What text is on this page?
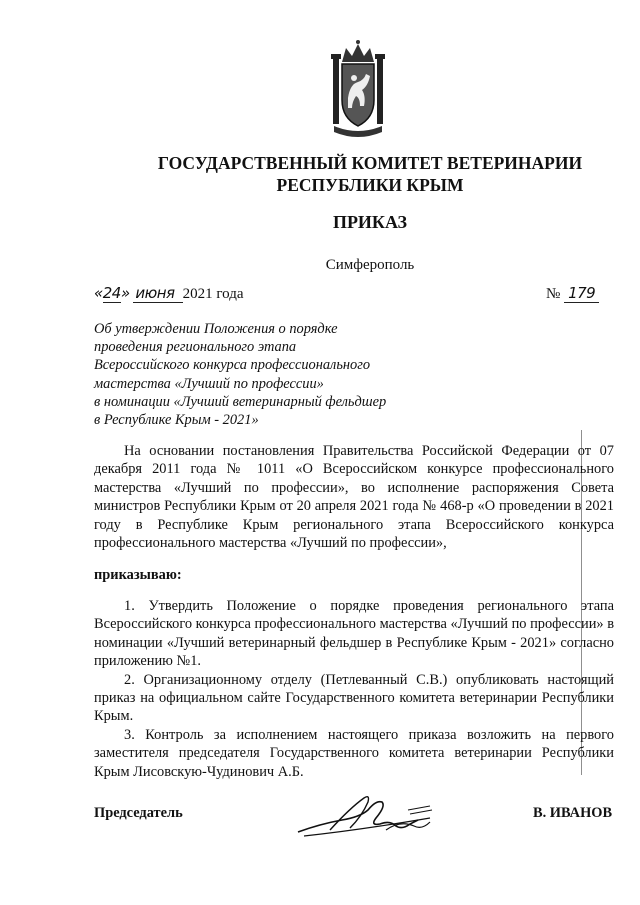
ГОСУДАРСТВЕННЫЙ КОМИТЕТ ВЕТЕРИНАРИИ
РЕСПУБЛИКИ КРЫМ
ПРИКАЗ
Симферополь
«24» июня 2021 года	№ 179
Об утверждении Положения о порядке
проведения регионального этапа
Всероссийского конкурса профессионального
мастерства «Лучший по профессии»
в номинации «Лучший ветеринарный фельдшер
в Республике Крым - 2021»
На основании постановления Правительства Российской Федерации от 07 декабря 2011 года № 1011 «О Всероссийском конкурсе профессионального мастерства «Лучший по профессии», во исполнение распоряжения Совета министров Республики Крым от 20 апреля 2021 года № 468-р «О проведении в 2021 году в Республике Крым регионального этапа Всероссийского конкурса профессионального мастерства «Лучший по профессии»,
приказываю:

1. Утвердить Положение о порядке проведения регионального этапа Всероссийского конкурса профессионального мастерства «Лучший по профессии» в номинации «Лучший ветеринарный фельдшер в Республике Крым - 2021» согласно приложению №1.

2. Организационному отделу (Петлеванный С.В.) опубликовать настоящий приказ на официальном сайте Государственного комитета ветеринарии Республики Крым.

3. Контроль за исполнением настоящего приказа возложить на первого заместителя председателя Государственного комитета ветеринарии Республики Крым Лисовскую-Чудинович А.Б.

Председатель	В. ИВАНОВ
